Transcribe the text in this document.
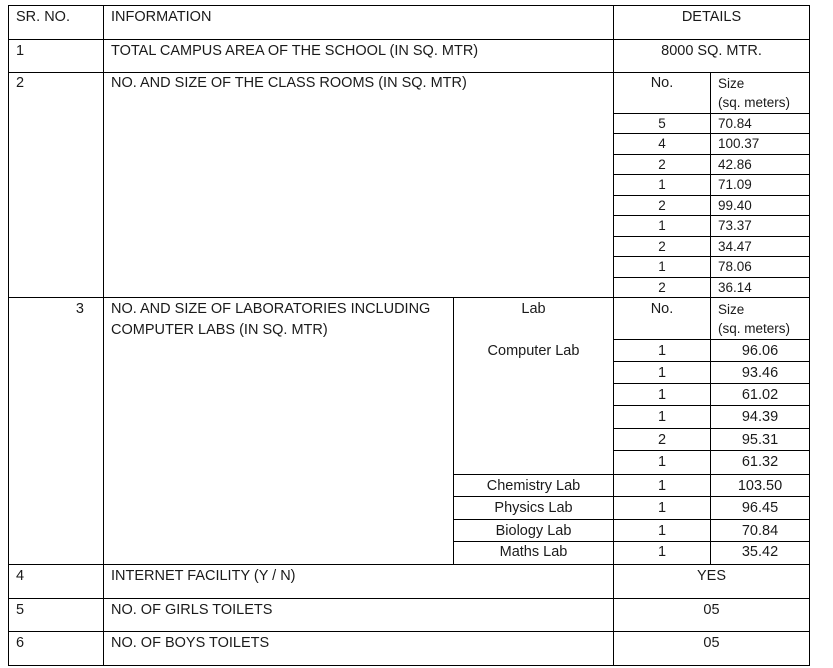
SR. NO.	INFORMATION	DETAILS
1	TOTAL CAMPUS AREA OF THE SCHOOL (IN SQ. MTR)	8000 SQ. MTR.
2	NO. AND SIZE OF THE CLASS ROOMS (IN SQ. MTR)	No.	Size
(sq. meters)
5	70.84
4	100.37
2	42.86
1	71.09
2	99.40
1	73.37
2	34.47
1	78.06
2	36.14
3 NO. AND SIZE OF LABORATORIES INCLUDING
COMPUTER LABS (IN SQ. MTR)
Lab	No.	Size
(sq. meters)
Computer Lab	1	96.06
1	93.46
1	61.02
1	94.39
2	95.31
1	61.32
Chemistry Lab	1	103.50
Physics Lab	1	96.45
Biology Lab	1	70.84
Maths Lab	1	35.42
4	INTERNET FACILITY (Y / N)	YES
5	NO. OF GIRLS TOILETS	05
6	NO. OF BOYS TOILETS	05
